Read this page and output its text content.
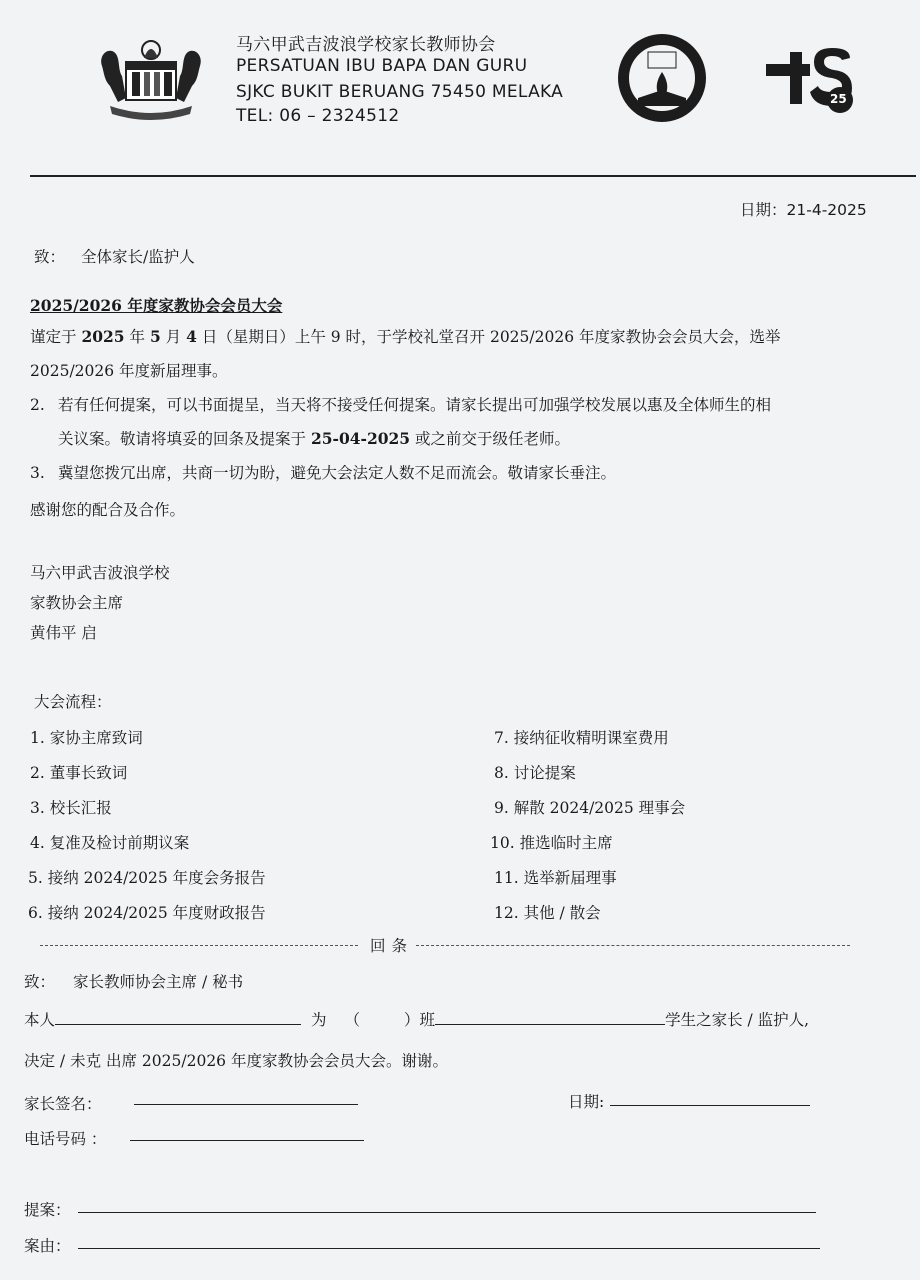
马六甲武吉波浪学校家长教师协会
PERSATUAN IBU BAPA DAN GURU
SJKC BUKIT BERUANG 75450 MELAKA
TEL: 06 – 2324512
25
日期：21-4-2025
致： 全体家长/监护人
2025/2026 年度家教协会会员大会
谨定于 2025 年 5 月 4 日（星期日）上午 9 时，于学校礼堂召开 2025/2026 年度家教协会会员大会，选举
2025/2026 年度新届理事。
2. 若有任何提案，可以书面提呈，当天将不接受任何提案。请家长提出可加强学校发展以惠及全体师生的相
关议案。敬请将填妥的回条及提案于 25-04-2025 或之前交于级任老师。
3. 冀望您拨冗出席，共商一切为盼，避免大会法定人数不足而流会。敬请家长垂注。
感谢您的配合及合作。
马六甲武吉波浪学校
家教协会主席
黄伟平 启
大会流程：
1. 家协主席致词
2. 董事长致词
3. 校长汇报
4. 复准及检讨前期议案
5. 接纳 2024/2025 年度会务报告
6. 接纳 2024/2025 年度财政报告
7. 接纳征收精明课室费用
8. 讨论提案
9. 解散 2024/2025 理事会
10. 推选临时主席
11. 选举新届理事
12. 其他 / 散会
回条
致： 家长教师协会主席 / 秘书
本人	为 （	）班	学生之家长 / 监护人,
决定 / 未克 出席 2025/2026 年度家教协会会员大会。谢谢。
家长签名：	日期:
电话号码 ：
提案：
案由：
